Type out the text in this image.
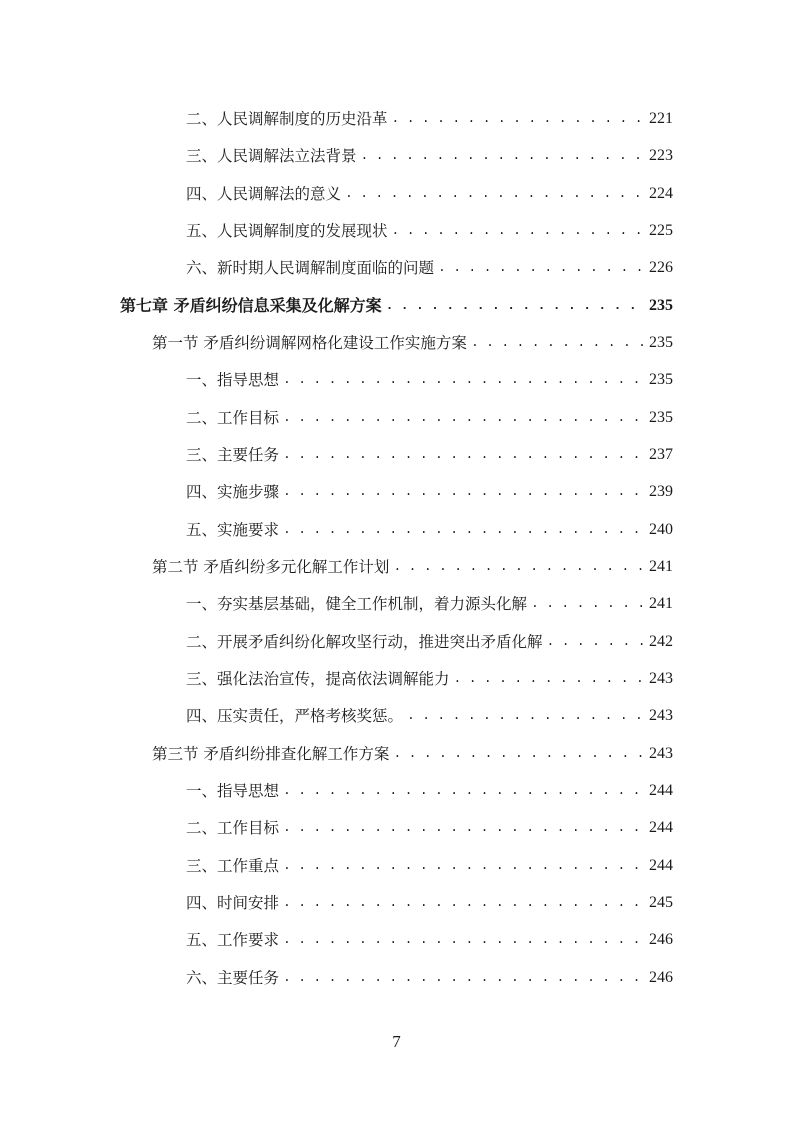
二、人民调解制度的历史沿革 . . .	221
三、人民调解法立法背景 . . .	223
四、人民调解法的意义 . . .	224
五、人民调解制度的发展现状 . . .	225
六、新时期人民调解制度面临的问题 . . .	226
第七章 矛盾纠纷信息采集及化解方案 . . .	235
第一节 矛盾纠纷调解网格化建设工作实施方案 . . .	235
一、指导思想 . . .	235
二、工作目标 . . .	235
三、主要任务 . . .	237
四、实施步骤 . . .	239
五、实施要求 . . .	240
第二节 矛盾纠纷多元化解工作计划 . . .	241
一、夯实基层基础，健全工作机制，着力源头化解 . . .	241
二、开展矛盾纠纷化解攻坚行动，推进突出矛盾化解 . . .	242
三、强化法治宣传，提高依法调解能力 . . .	243
四、压实责任，严格考核奖惩。 . . .	243
第三节 矛盾纠纷排查化解工作方案 . . .	243
一、指导思想 . . .	244
二、工作目标 . . .	244
三、工作重点 . . .	244
四、时间安排 . . .	245
五、工作要求 . . .	246
六、主要任务 . . .	246
7
